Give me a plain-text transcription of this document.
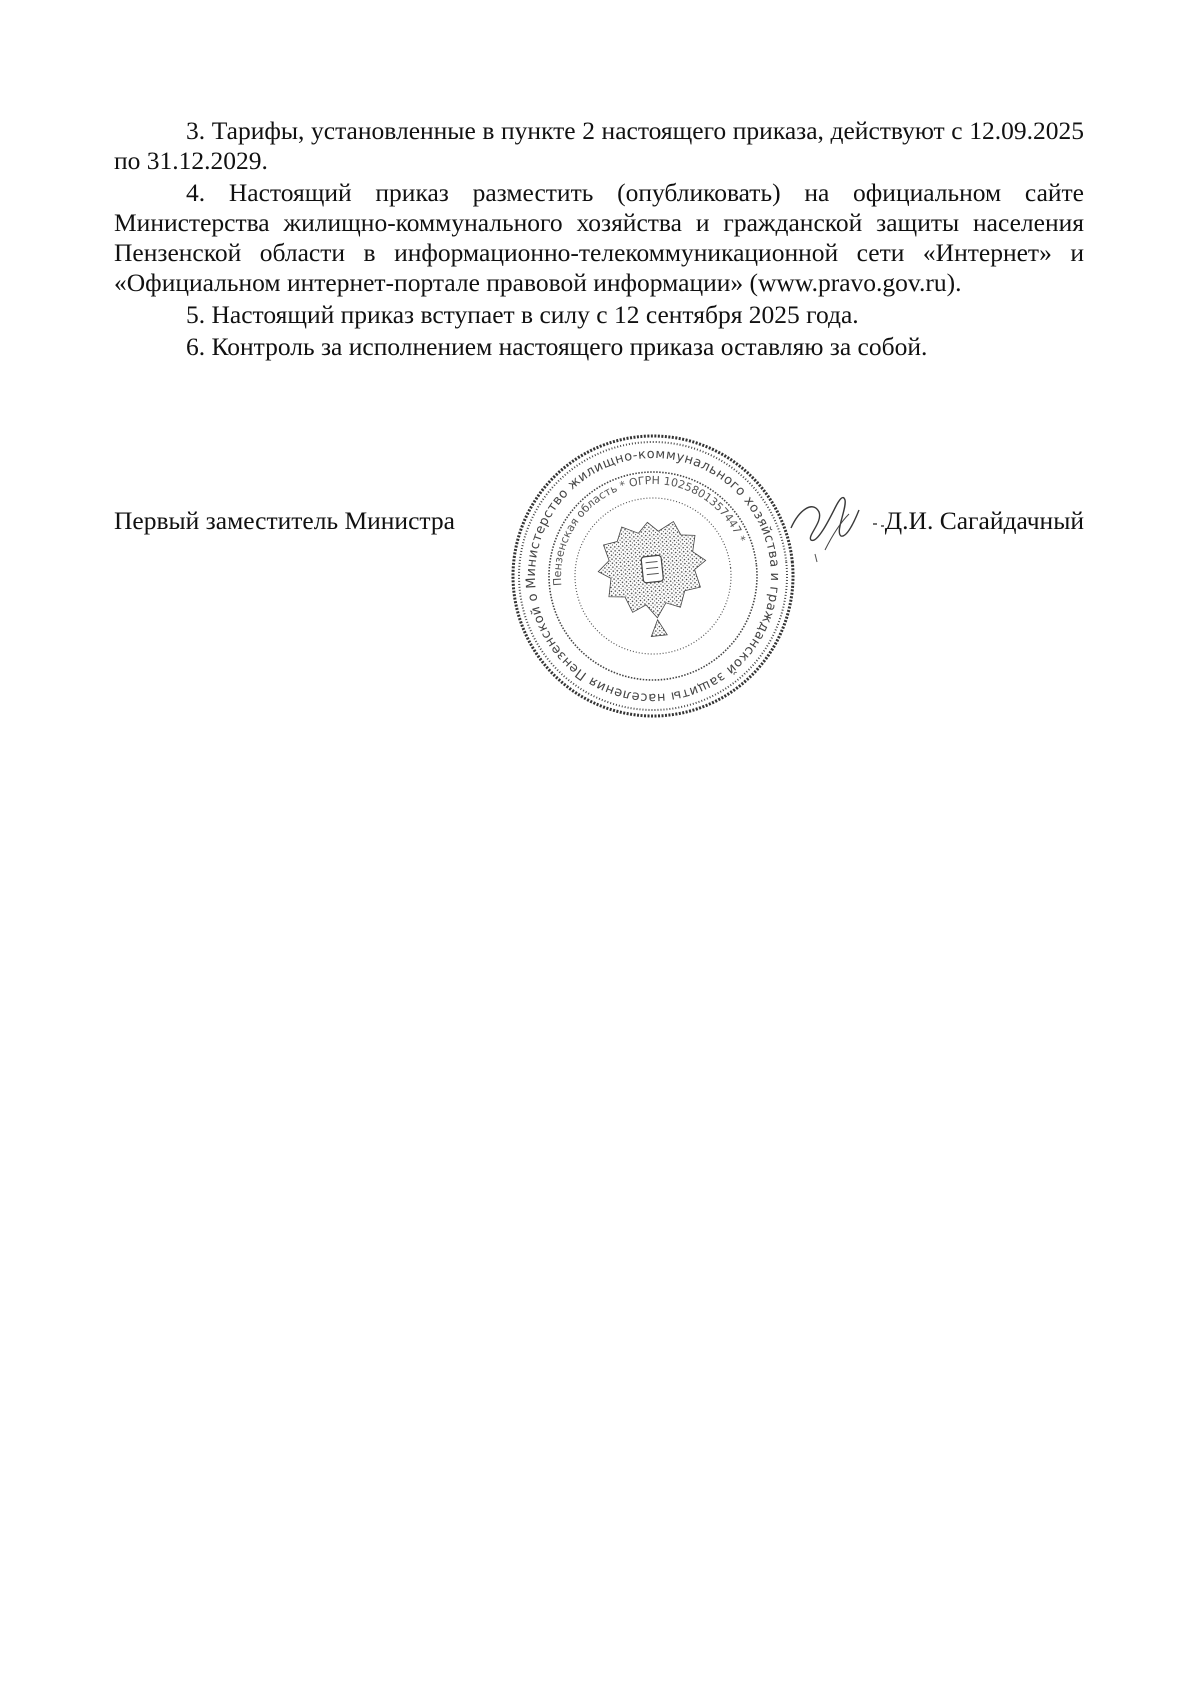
3. Тарифы, установленные в пункте 2 настоящего приказа, действуют с 12.09.2025 по 31.12.2029.

4. Настоящий приказ разместить (опубликовать) на официальном сайте Министерства жилищно-коммунального хозяйства и гражданской защиты населения Пензенской области в информационно-телекоммуникационной сети «Интернет» и «Официальном интернет-портале правовой информации» (www.pravo.gov.ru).

5. Настоящий приказ вступает в силу с 12 сентября 2025 года.

6. Контроль за исполнением настоящего приказа оставляю за собой.

Первый заместитель Министра	Д.И. Сагайдачный
Министерство жилищно-коммунального хозяйства и гражданской защиты населения Пензенской области
Пензенская область * ОГРН 1025801357447 *
